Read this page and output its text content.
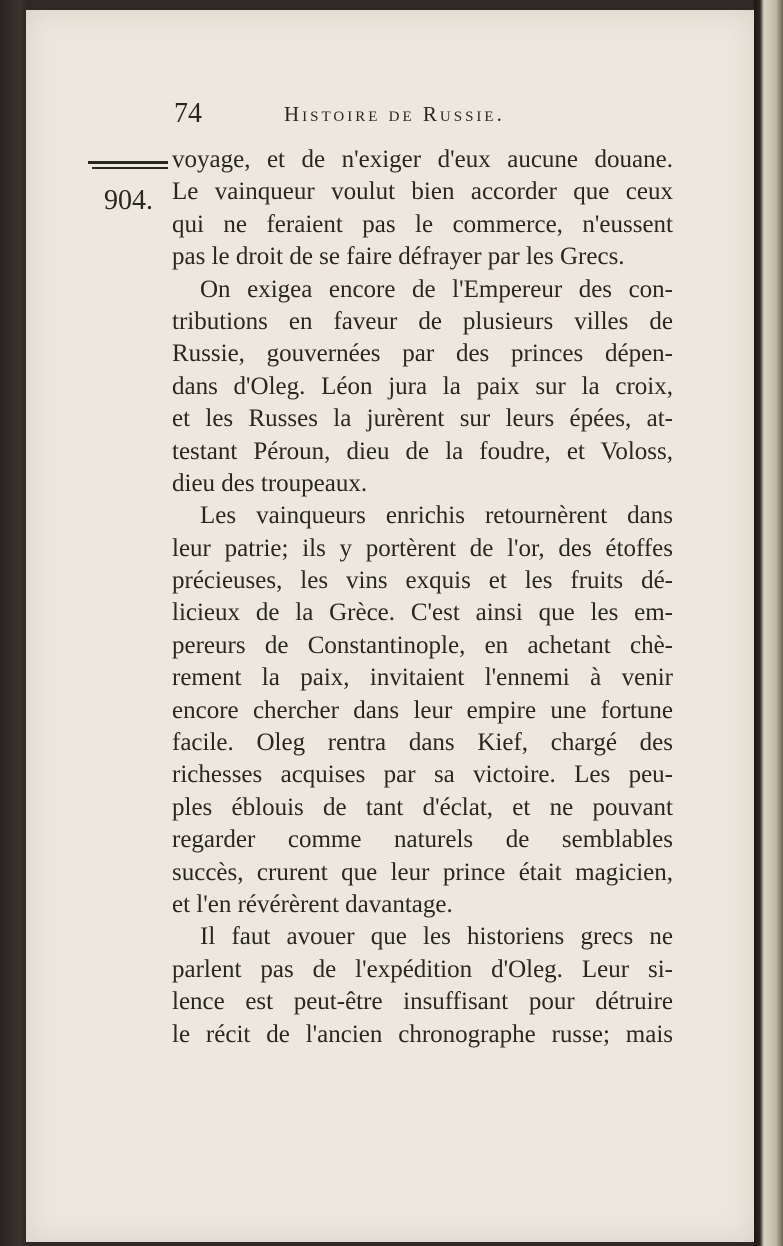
74	Histoire de Russie.
904.
voyage, et de n'exiger d'eux aucune douane.
Le vainqueur voulut bien accorder que ceux
qui ne feraient pas le commerce, n'eussent
pas le droit de se faire défrayer par les Grecs.
On exigea encore de l'Empereur des con-
tributions en faveur de plusieurs villes de
Russie, gouvernées par des princes dépen-
dans d'Oleg. Léon jura la paix sur la croix,
et les Russes la jurèrent sur leurs épées, at-
testant Péroun, dieu de la foudre, et Voloss,
dieu des troupeaux.
Les vainqueurs enrichis retournèrent dans
leur patrie; ils y portèrent de l'or, des étoffes
précieuses, les vins exquis et les fruits dé-
licieux de la Grèce. C'est ainsi que les em-
pereurs de Constantinople, en achetant chè-
rement la paix, invitaient l'ennemi à venir
encore chercher dans leur empire une fortune
facile. Oleg rentra dans Kief, chargé des
richesses acquises par sa victoire. Les peu-
ples éblouis de tant d'éclat, et ne pouvant
regarder comme naturels de semblables
succès, crurent que leur prince était magicien,
et l'en révérèrent davantage.
Il faut avouer que les historiens grecs ne
parlent pas de l'expédition d'Oleg. Leur si-
lence est peut-être insuffisant pour détruire
le récit de l'ancien chronographe russe; mais
